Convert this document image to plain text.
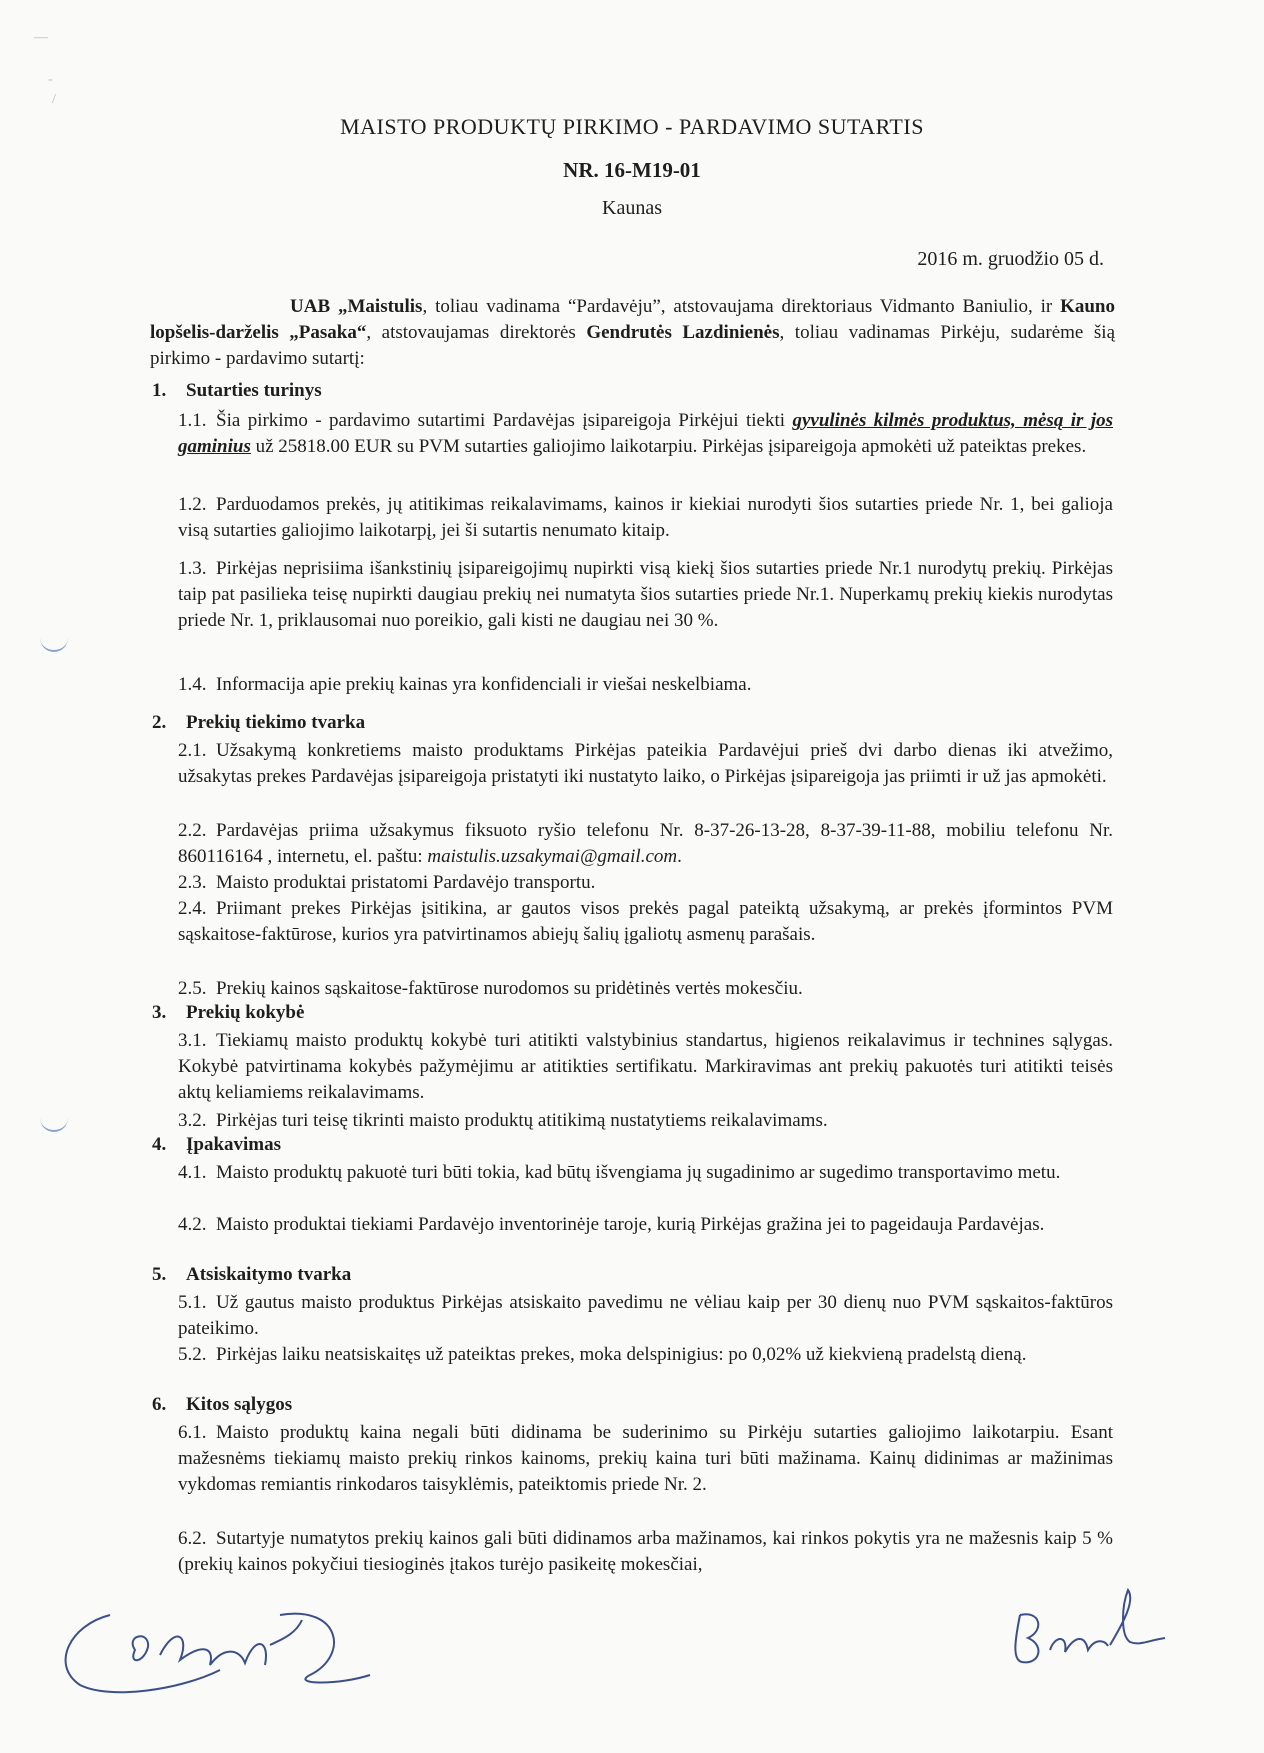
—
-
/
MAISTO PRODUKTŲ PIRKIMO - PARDAVIMO SUTARTIS
NR. 16-M19-01
Kaunas
2016 m. gruodžio 05 d.
UAB „Maistulis, toliau vadinama “Pardavėju”, atstovaujama direktoriaus Vidmanto Baniulio, ir Kauno lopšelis-darželis „Pasaka“, atstovaujamas direktorės Gendrutės Lazdinienės, toliau vadinamas Pirkėju, sudarėme šią pirkimo - pardavimo sutartį:
1. Sutarties turinys
1.1. Šia pirkimo - pardavimo sutartimi Pardavėjas įsipareigoja Pirkėjui tiekti gyvulinės kilmės produktus, mėsą ir jos gaminius už 25818.00 EUR su PVM sutarties galiojimo laikotarpiu. Pirkėjas įsipareigoja apmokėti už pateiktas prekes.
1.2. Parduodamos prekės, jų atitikimas reikalavimams, kainos ir kiekiai nurodyti šios sutarties priede Nr. 1, bei galioja visą sutarties galiojimo laikotarpį, jei ši sutartis nenumato kitaip.
1.3. Pirkėjas neprisiima išankstinių įsipareigojimų nupirkti visą kiekį šios sutarties priede Nr.1 nurodytų prekių. Pirkėjas taip pat pasilieka teisę nupirkti daugiau prekių nei numatyta šios sutarties priede Nr.1. Nuperkamų prekių kiekis nurodytas priede Nr. 1, priklausomai nuo poreikio, gali kisti ne daugiau nei 30 %.
1.4. Informacija apie prekių kainas yra konfidenciali ir viešai neskelbiama.
2. Prekių tiekimo tvarka
2.1. Užsakymą konkretiems maisto produktams Pirkėjas pateikia Pardavėjui prieš dvi darbo dienas iki atvežimo, užsakytas prekes Pardavėjas įsipareigoja pristatyti iki nustatyto laiko, o Pirkėjas įsipareigoja jas priimti ir už jas apmokėti.
2.2. Pardavėjas priima užsakymus fiksuoto ryšio telefonu Nr. 8-37-26-13-28, 8-37-39-11-88, mobiliu telefonu Nr. 860116164 , internetu, el. paštu: maistulis.uzsakymai@gmail.com.
2.3. Maisto produktai pristatomi Pardavėjo transportu.
2.4. Priimant prekes Pirkėjas įsitikina, ar gautos visos prekės pagal pateiktą užsakymą, ar prekės įformintos PVM sąskaitose-faktūrose, kurios yra patvirtinamos abiejų šalių įgaliotų asmenų parašais.
2.5. Prekių kainos sąskaitose-faktūrose nurodomos su pridėtinės vertės mokesčiu.
3. Prekių kokybė
3.1. Tiekiamų maisto produktų kokybė turi atitikti valstybinius standartus, higienos reikalavimus ir technines sąlygas. Kokybė patvirtinama kokybės pažymėjimu ar atitikties sertifikatu. Markiravimas ant prekių pakuotės turi atitikti teisės aktų keliamiems reikalavimams.
3.2. Pirkėjas turi teisę tikrinti maisto produktų atitikimą nustatytiems reikalavimams.
4. Įpakavimas
4.1. Maisto produktų pakuotė turi būti tokia, kad būtų išvengiama jų sugadinimo ar sugedimo transportavimo metu.
4.2. Maisto produktai tiekiami Pardavėjo inventorinėje taroje, kurią Pirkėjas gražina jei to pageidauja Pardavėjas.
5. Atsiskaitymo tvarka
5.1. Už gautus maisto produktus Pirkėjas atsiskaito pavedimu ne vėliau kaip per 30 dienų nuo PVM sąskaitos-faktūros pateikimo.
5.2. Pirkėjas laiku neatsiskaitęs už pateiktas prekes, moka delspinigius: po 0,02% už kiekvieną pradelstą dieną.
6. Kitos sąlygos
6.1. Maisto produktų kaina negali būti didinama be suderinimo su Pirkėju sutarties galiojimo laikotarpiu. Esant mažesnėms tiekiamų maisto prekių rinkos kainoms, prekių kaina turi būti mažinama. Kainų didinimas ar mažinimas vykdomas remiantis rinkodaros taisyklėmis, pateiktomis priede Nr. 2.
6.2. Sutartyje numatytos prekių kainos gali būti didinamos arba mažinamos, kai rinkos pokytis yra ne mažesnis kaip 5 % (prekių kainos pokyčiui tiesioginės įtakos turėjo pasikeitę mokesčiai,
